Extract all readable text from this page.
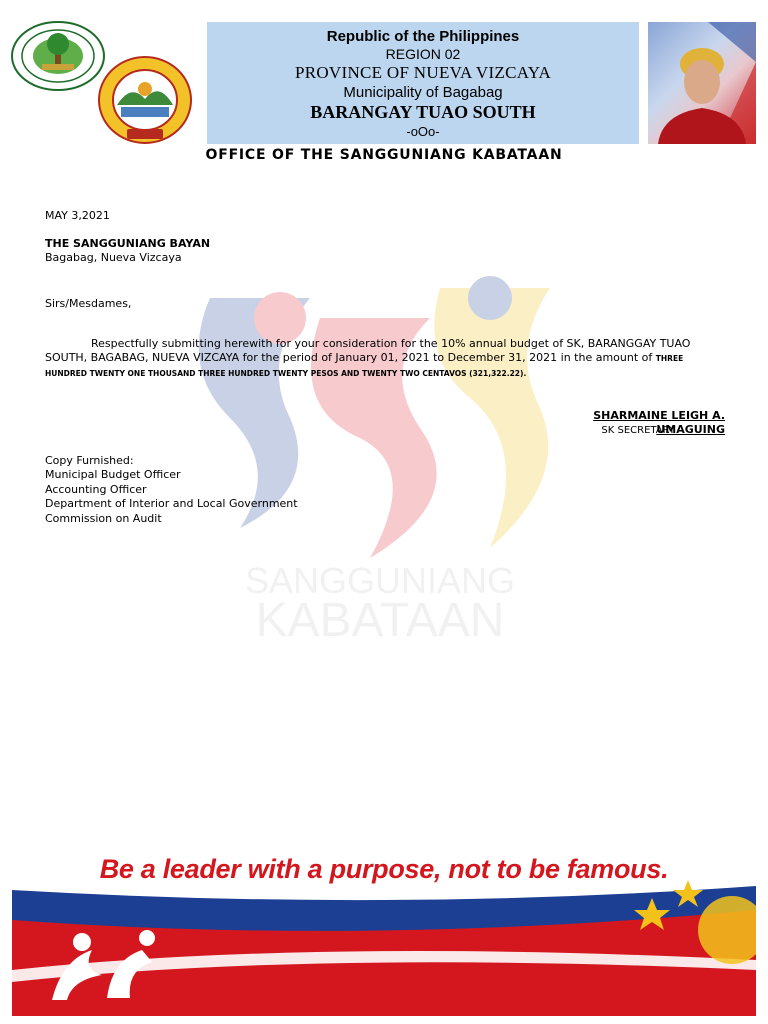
Republic of the Philippines
REGION 02
PROVINCE OF NUEVA VIZCAYA
Municipality of Bagabag
BARANGAY TUAO SOUTH
-oOo-
OFFICE OF THE SANGGUNIANG KABATAAN
SANGGUNIANG
KABATAAN
MAY 3,2021
THE SANGGUNIANG BAYAN
Bagabag, Nueva Vizcaya
Sirs/Mesdames,
Respectfully submitting herewith for your consideration for the 10% annual budget of SK, BARANGGAY TUAO SOUTH, BAGABAG, NUEVA VIZCAYA for the period of January 01, 2021 to December 31, 2021 in the amount of THREE HUNDRED TWENTY ONE THOUSAND THREE HUNDRED TWENTY PESOS AND TWENTY TWO CENTAVOS (321,322.22).
SHARMAINE LEIGH A. UMAGUING
SK SECRETARY
Copy Furnished:
Municipal Budget Officer
Accounting Officer
Department of Interior and Local Government
Commission on Audit
Be a leader with a purpose, not to be famous.
